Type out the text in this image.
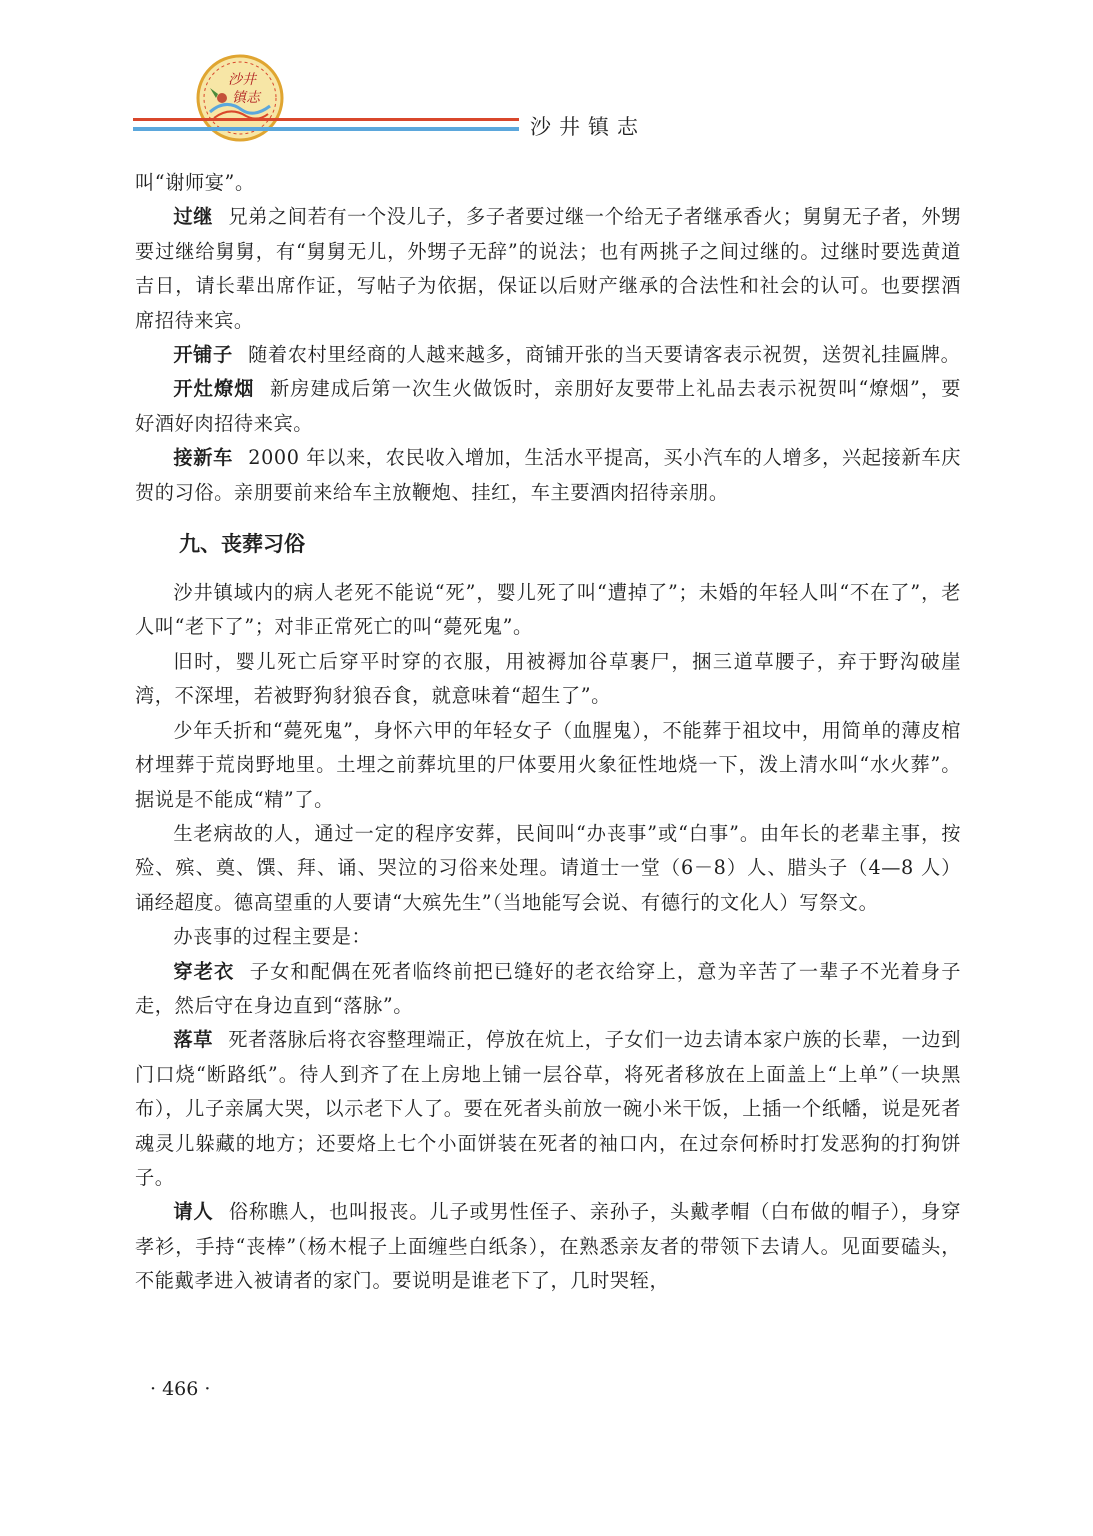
沙井
镇志
沙井镇志

叫“谢师宴”。

过继 兄弟之间若有一个没儿子，多子者要过继一个给无子者继承香火；舅舅无子者，外甥要过继给舅舅，有“舅舅无儿，外甥子无辞”的说法；也有两挑子之间过继的。过继时要选黄道吉日，请长辈出席作证，写帖子为依据，保证以后财产继承的合法性和社会的认可。也要摆酒席招待来宾。

开铺子 随着农村里经商的人越来越多，商铺开张的当天要请客表示祝贺，送贺礼挂匾牌。

开灶燎烟 新房建成后第一次生火做饭时，亲朋好友要带上礼品去表示祝贺叫“燎烟”，要好酒好肉招待来宾。

接新车 2000 年以来，农民收入增加，生活水平提高，买小汽车的人增多，兴起接新车庆贺的习俗。亲朋要前来给车主放鞭炮、挂红，车主要酒肉招待亲朋。

九、丧葬习俗

沙井镇域内的病人老死不能说“死”，婴儿死了叫“遭掉了”；未婚的年轻人叫“不在了”，老人叫“老下了”；对非正常死亡的叫“薨死鬼”。

旧时，婴儿死亡后穿平时穿的衣服，用被褥加谷草裹尸，捆三道草腰子，弃于野沟破崖湾，不深埋，若被野狗豺狼吞食，就意味着“超生了”。

少年夭折和“薨死鬼”，身怀六甲的年轻女子（血腥鬼），不能葬于祖坟中，用简单的薄皮棺材埋葬于荒岗野地里。土埋之前葬坑里的尸体要用火象征性地烧一下，泼上清水叫“水火葬”。据说是不能成“精”了。

生老病故的人，通过一定的程序安葬，民间叫“办丧事”或“白事”。由年长的老辈主事，按殓、殡、奠、馔、拜、诵、哭泣的习俗来处理。请道士一堂（6－8）人、腊头子（4—8 人）诵经超度。德高望重的人要请“大殡先生”（当地能写会说、有德行的文化人）写祭文。

办丧事的过程主要是：

穿老衣 子女和配偶在死者临终前把已缝好的老衣给穿上，意为辛苦了一辈子不光着身子走，然后守在身边直到“落脉”。

落草 死者落脉后将衣容整理端正，停放在炕上，子女们一边去请本家户族的长辈，一边到门口烧“断路纸”。待人到齐了在上房地上铺一层谷草，将死者移放在上面盖上“上单”（一块黑布），儿子亲属大哭，以示老下人了。要在死者头前放一碗小米干饭，上插一个纸幡，说是死者魂灵儿躲藏的地方；还要烙上七个小面饼装在死者的袖口内，在过奈何桥时打发恶狗的打狗饼子。

请人 俗称瞧人，也叫报丧。儿子或男性侄子、亲孙子，头戴孝帽（白布做的帽子），身穿孝衫，手持“丧棒”（杨木棍子上面缠些白纸条），在熟悉亲友者的带领下去请人。见面要磕头，不能戴孝进入被请者的家门。要说明是谁老下了，几时哭轾，

· 466 ·
